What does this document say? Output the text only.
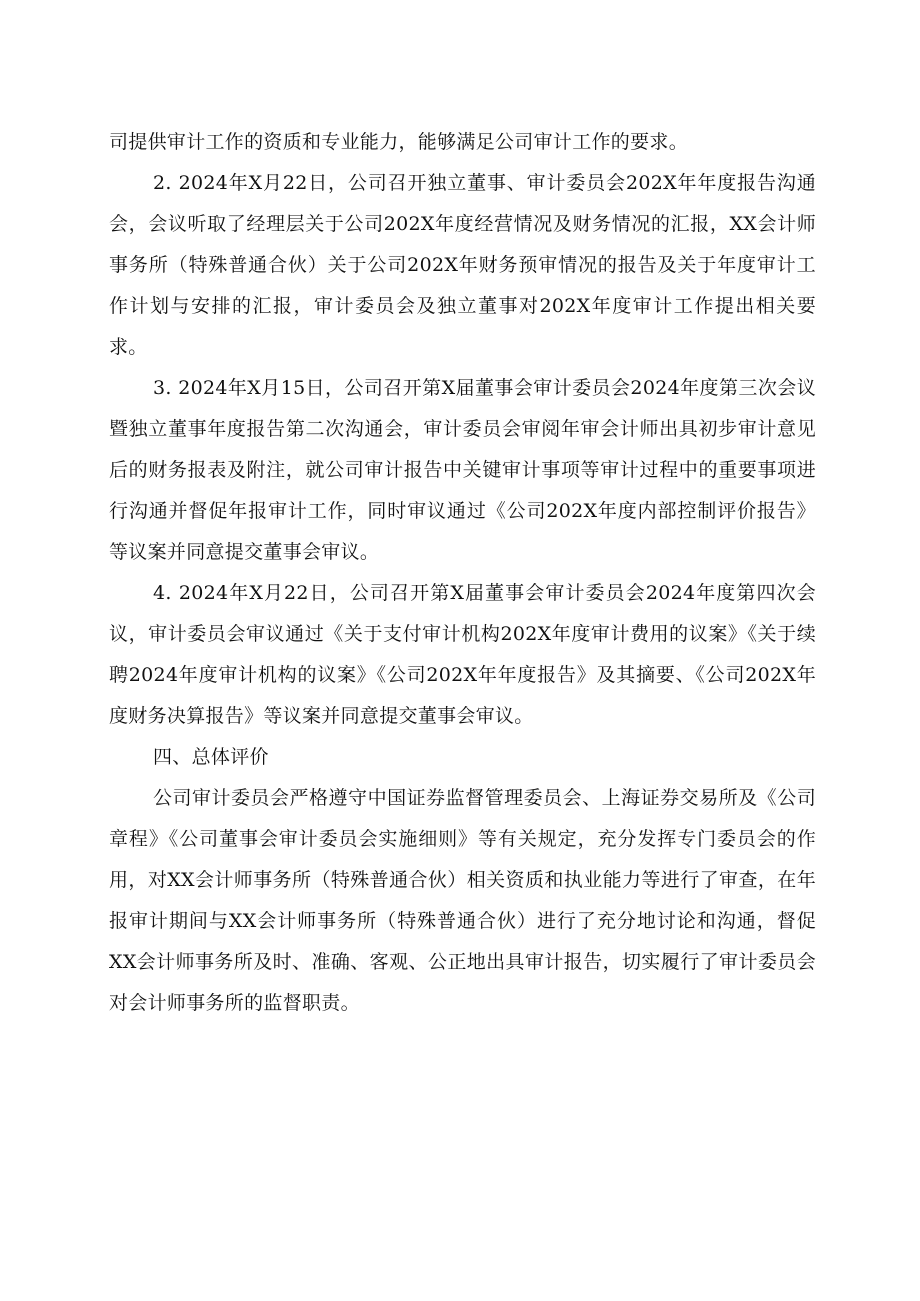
司提供审计工作的资质和专业能力，能够满足公司审计工作的要求。

2. 2024年X月22日，公司召开独立董事、审计委员会202X年年度报告沟通会，会议听取了经理层关于公司202X年度经营情况及财务情况的汇报，XX会计师事务所（特殊普通合伙）关于公司202X年财务预审情况的报告及关于年度审计工作计划与安排的汇报，审计委员会及独立董事对202X年度审计工作提出相关要求。

3. 2024年X月15日，公司召开第X届董事会审计委员会2024年度第三次会议暨独立董事年度报告第二次沟通会，审计委员会审阅年审会计师出具初步审计意见后的财务报表及附注，就公司审计报告中关键审计事项等审计过程中的重要事项进行沟通并督促年报审计工作，同时审议通过《公司202X年度内部控制评价报告》等议案并同意提交董事会审议。

4. 2024年X月22日，公司召开第X届董事会审计委员会2024年度第四次会议，审计委员会审议通过《关于支付审计机构202X年度审计费用的议案》《关于续聘2024年度审计机构的议案》《公司202X年年度报告》及其摘要、《公司202X年度财务决算报告》等议案并同意提交董事会审议。

四、总体评价

公司审计委员会严格遵守中国证券监督管理委员会、上海证券交易所及《公司章程》《公司董事会审计委员会实施细则》等有关规定，充分发挥专门委员会的作用，对XX会计师事务所（特殊普通合伙）相关资质和执业能力等进行了审查，在年报审计期间与XX会计师事务所（特殊普通合伙）进行了充分地讨论和沟通，督促XX会计师事务所及时、准确、客观、公正地出具审计报告，切实履行了审计委员会对会计师事务所的监督职责。
